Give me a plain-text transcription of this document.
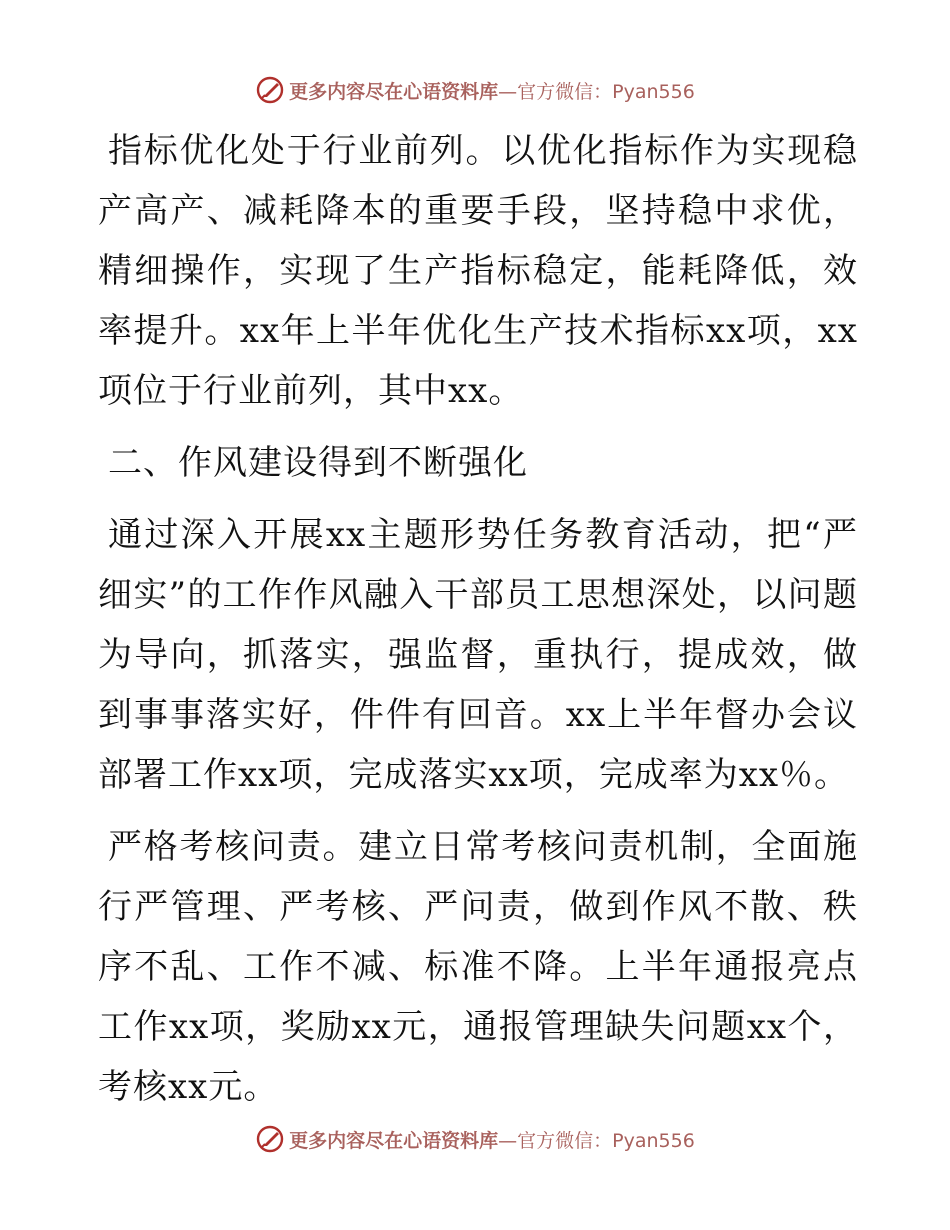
更多内容尽在心语资料库 —官方微信：Pyan556

指标优化处于行业前列。以优化指标作为实现稳产高产、减耗降本的重要手段，坚持稳中求优，精细操作，实现了生产指标稳定，能耗降低，效率提升。xx年上半年优化生产技术指标xx项，xx项位于行业前列，其中xx。

二、作风建设得到不断强化

通过深入开展xx主题形势任务教育活动，把“严细实”的工作作风融入干部员工思想深处，以问题为导向，抓落实，强监督，重执行，提成效，做到事事落实好，件件有回音。xx上半年督办会议部署工作xx项，完成落实xx项，完成率为xx％。

严格考核问责。建立日常考核问责机制，全面施行严管理、严考核、严问责，做到作风不散、秩序不乱、工作不减、标准不降。上半年通报亮点工作xx项，奖励xx元，通报管理缺失问题xx个，考核xx元。

更多内容尽在心语资料库 —官方微信：Pyan556
